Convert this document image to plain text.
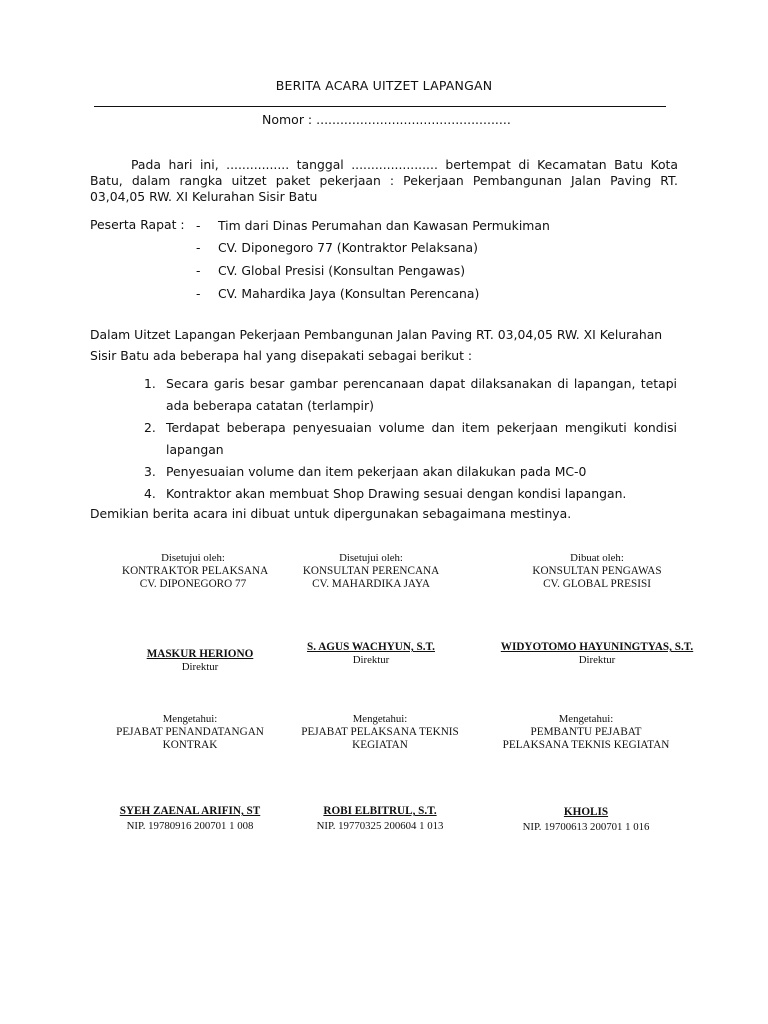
BERITA ACARA UITZET LAPANGAN
Nomor : .................................................
Pada hari ini, ................ tanggal ...................... bertempat di Kecamatan Batu Kota Batu, dalam rangka uitzet paket pekerjaan : Pekerjaan Pembangunan Jalan Paving RT. 03,04,05 RW. XI Kelurahan Sisir Batu
Peserta Rapat : - Tim dari Dinas Perumahan dan Kawasan Permukiman
- CV. Diponegoro 77 (Kontraktor Pelaksana)
- CV. Global Presisi (Konsultan Pengawas)
- CV. Mahardika Jaya (Konsultan Perencana)
Dalam Uitzet Lapangan Pekerjaan Pembangunan Jalan Paving RT. 03,04,05 RW. XI Kelurahan
Sisir Batu ada beberapa hal yang disepakati sebagai berikut :
1. Secara garis besar gambar perencanaan dapat dilaksanakan di lapangan, tetapi ada beberapa catatan (terlampir)
2. Terdapat beberapa penyesuaian volume dan item pekerjaan mengikuti kondisi lapangan
3. Penyesuaian volume dan item pekerjaan akan dilakukan pada MC-0
4. Kontraktor akan membuat Shop Drawing sesuai dengan kondisi lapangan.
Demikian berita acara ini dibuat untuk dipergunakan sebagaimana mestinya.
Disetujui oleh:
KONTRAKTOR PELAKSANA
CV. DIPONEGORO 77
MASKUR HERIONO
Direktur
Disetujui oleh:
KONSULTAN PERENCANA
CV. MAHARDIKA JAYA
S. AGUS WACHYUN, S.T.
Direktur
Dibuat oleh:
KONSULTAN PENGAWAS
CV. GLOBAL PRESISI
WIDYOTOMO HAYUNINGTYAS, S.T.
Direktur
Mengetahui:
PEJABAT PENANDATANGAN
KONTRAK
SYEH ZAENAL ARIFIN, ST
NIP. 19780916 200701 1 008
Mengetahui:
PEJABAT PELAKSANA TEKNIS
KEGIATAN
ROBI ELBITRUL, S.T.
NIP. 19770325 200604 1 013
Mengetahui:
PEMBANTU PEJABAT
PELAKSANA TEKNIS KEGIATAN
KHOLIS
NIP. 19700613 200701 1 016
